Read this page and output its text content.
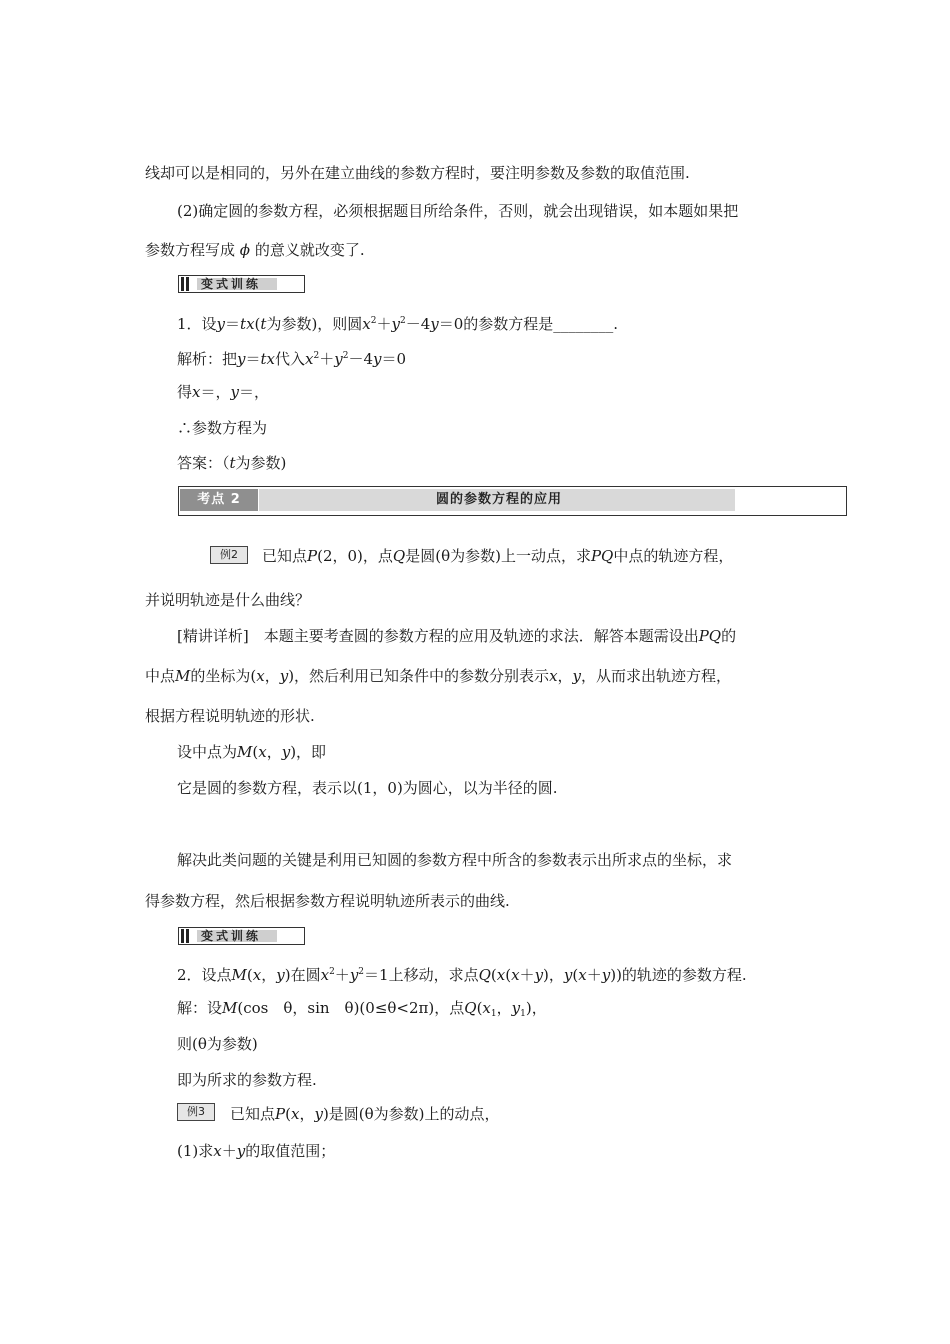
线却可以是相同的，另外在建立曲线的参数方程时，要注明参数及参数的取值范围.
(2)确定圆的参数方程，必须根据题目所给条件，否则，就会出现错误，如本题如果把
参数方程写成 ϕ 的意义就改变了.
变式训练
1．设y＝tx(t为参数)，则圆$x^2+y^2-4y=0$的参数方程是________.
解析：把y＝tx代入$x^2+y^2-4y=0$
得x＝，y＝，
∴参数方程为
答案：（t为参数)
考点 2	圆的参数方程的应用
例2	已知点P(2，0)，点Q是圆(θ为参数)上一动点，求PQ中点的轨迹方程，
并说明轨迹是什么曲线？
[精讲详析]　本题主要考查圆的参数方程的应用及轨迹的求法．解答本题需设出PQ的
中点M的坐标为(x，y)，然后利用已知条件中的参数分别表示x，y，从而求出轨迹方程，
根据方程说明轨迹的形状.
设中点为M(x，y)，即
它是圆的参数方程，表示以(1，0)为圆心，以为半径的圆.
解决此类问题的关键是利用已知圆的参数方程中所含的参数表示出所求点的坐标，求
得参数方程，然后根据参数方程说明轨迹所表示的曲线.
变式训练
2．设点M(x，y)在圆$x^2+y^2=1$上移动，求点Q(x(x＋y)，y(x＋y))的轨迹的参数方程.
解：设M(cos　θ，sin　θ)(0≤θ<2π)，点$Q(x_1$，$y_1$)，
则(θ为参数)
即为所求的参数方程.
例3	已知点P(x，y)是圆(θ为参数)上的动点，
(1)求x＋y的取值范围；
